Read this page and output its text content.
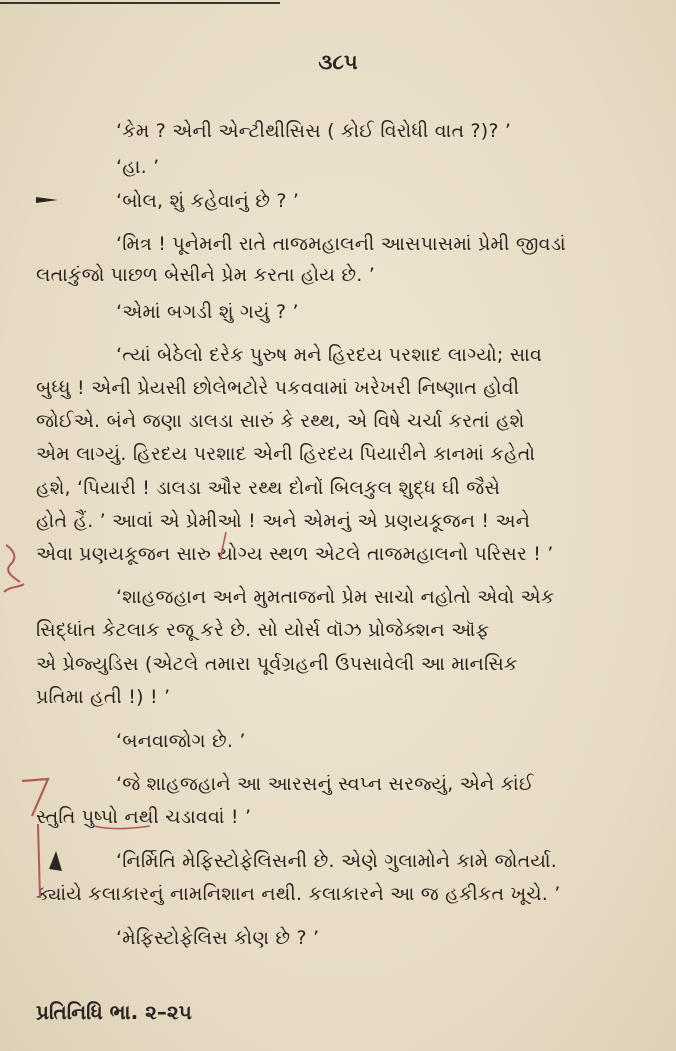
૩૮૫
‘કેમ ? એની એન્ટીથીસિસ ( કોઈ વિરોધી વાત ?)? ’
‘હા. ’
‘બોલ, શું કહેવાનું છે ? ’
‘મિત્ર ! પૂનેમની રાતે તાજમહાલની આસપાસમાં પ્રેમી જીવડાં
લતાકુંજો પાછળ બેસીને પ્રેમ કરતા હોય છે. ’
‘એમાં બગડી શું ગયું ? ’
‘ત્યાં બેઠેલો દરેક પુરુષ મને હિરદય પરશાદ લાગ્યો; સાવ
બુધ્ધુ ! એની પ્રેયસી છોલેભટોરે પકવવામાં ખરેખરી નિષ્ણાત હોવી
જોઈએ. બંને જણા ડાલડા સારું કે રથ્થ, એ વિષે ચર્ચા કરતાં હશે
એમ લાગ્યું. હિરદય પરશાદ એની હિરદય પિયારીને કાનમાં કહેતો
હશે, ‘પિયારી ! ડાલડા ઔર રથ્થ દોનોં બિલકુલ શુદ્ધ ઘી જૈસે
હોતે હૈં. ’ આવાં એ પ્રેમીઓ ! અને એમનું એ પ્રણયકૂજન ! અને
એવા પ્રણયકૂજન સારુ યોગ્ય સ્થળ એટલે તાજમહાલનો પરિસર ! ’
‘શાહજહાન અને મુમતાજનો પ્રેમ સાચો નહોતો એવો એક
સિદ્ધાંત કેટલાક રજૂ કરે છે. સો યોર્સ વૉઝ પ્રોજેક્શન ઑફ
એ પ્રેજ્યુડિસ (એટલે તમારા પૂર્વગ્રહની ઉપસાવેલી આ માનસિક
પ્રતિમા હતી !) ! ’
‘બનવાજોગ છે. ’
‘જે શાહજહાને આ આરસનું સ્વપ્ન સરજ્યું, એને કાંઈ
સ્તુતિ પુષ્પો નથી ચડાવવાં ! ’
‘નિર્મિતિ મેફિસ્ટોફેલિસની છે. એણે ગુલામોને કામે જોતર્યા.
ક્યાંયે કલાકારનું નામનિશાન નથી. કલાકારને આ જ હકીકત ખૂચે. ’
‘મેફિસ્ટોફેલિસ કોણ છે ? ’
પ્રતિનિધિ ભા. ૨–૨૫
